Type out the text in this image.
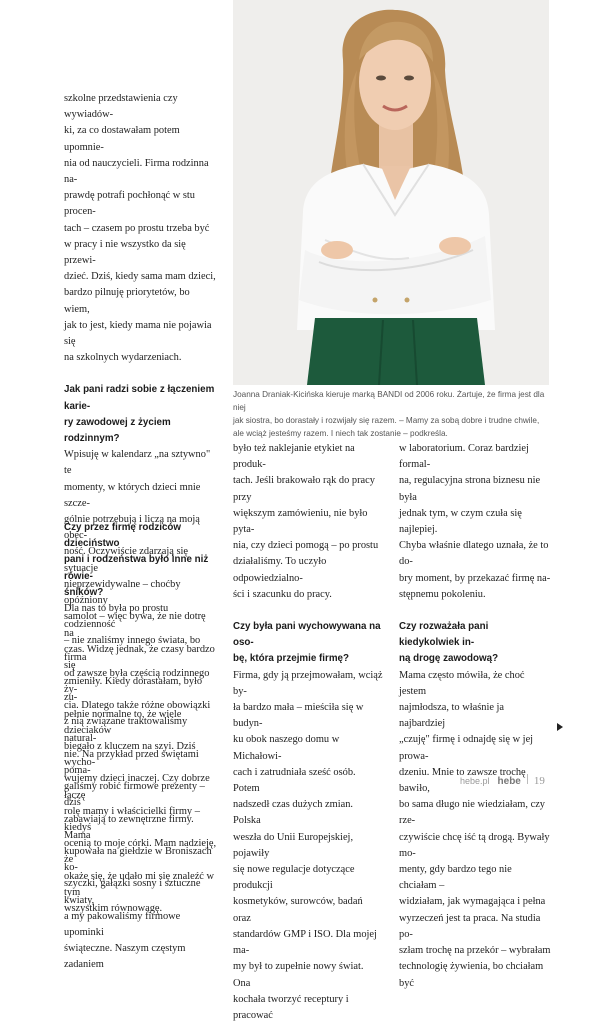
Joanna Draniak-Kicińska kieruje marką BANDI od 2006 roku. Żartuje, że firma jest dla niej

jak siostra, bo dorastały i rozwijały się razem. – Mamy za sobą dobre i trudne chwile,

ale wciąż jesteśmy razem. I niech tak zostanie – podkreśla.

szkolne przedstawienia czy wywiadów-

ki, za co dostawałam potem upomnie-

nia od nauczycieli. Firma rodzinna na-

prawdę potrafi pochłonąć w stu procen-

tach – czasem po prostu trzeba być

w pracy i nie wszystko da się przewi-

dzieć. Dziś, kiedy sama mam dzieci,

bardzo pilnuję priorytetów, bo wiem,

jak to jest, kiedy mama nie pojawia się

na szkolnych wydarzeniach.

Jak pani radzi sobie z łączeniem karie-

ry zawodowej z życiem rodzinnym?

Wpisuję w kalendarz „na sztywno" te

momenty, w których dzieci mnie szcze-

gólnie potrzebują i liczą na moją obec-

ność. Oczywiście zdarzają się sytuacje

nieprzewidywalne – choćby opóźniony

samolot – więc bywa, że nie dotrę na

czas. Widzę jednak, że czasy bardzo się

zmieniły. Kiedy dorastałam, było zu-

pełnie normalne to, że wiele dzieciaków

biegało z kluczem na szyi. Dziś wycho-

wujemy dzieci inaczej. Czy dobrze łączę

rolę mamy i właścicielki firmy – kiedyś

ocenią to moje córki. Mam nadzieję, że

okaże się, że udało mi się znaleźć w tym

wszystkim równowagę.

Czy przez firmę rodziców dzieciństwo

pani i rodzeństwa było inne niż rówie-

śników?

Dla nas to była po prostu codzienność

– nie znaliśmy innego świata, bo firma

od zawsze była częścią rodzinnego ży-

cia. Dlatego także różne obowiązki

z nią związane traktowaliśmy natural-

nie. Na przykład przed świętami poma-

galiśmy robić firmowe prezenty – dziś

zabawiają to zewnętrzne firmy. Mama

kupowała na giełdzie w Broniszach ko-

szyczki, gałązki sosny i sztuczne kwiaty,

a my pakowaliśmy firmowe upominki

świąteczne. Naszym częstym zadaniem

było też naklejanie etykiet na produk-

tach. Jeśli brakowało rąk do pracy przy

większym zamówieniu, nie było pyta-

nia, czy dzieci pomogą – po prostu

działaliśmy. To uczyło odpowiedzialno-

ści i szacunku do pracy.

Czy była pani wychowywana na oso-

bę, która przejmie firmę?

Firma, gdy ją przejmowałam, wciąż by-

ła bardzo mała – mieściła się w budyn-

ku obok naszego domu w Michałowi-

cach i zatrudniała sześć osób. Potem

nadszedł czas dużych zmian. Polska

weszła do Unii Europejskiej, pojawiły

się nowe regulacje dotyczące produkcji

kosmetyków, surowców, badań oraz

standardów GMP i ISO. Dla mojej ma-

my był to zupełnie nowy świat. Ona

kochała tworzyć receptury i pracować

w laboratorium. Coraz bardziej formal-

na, regulacyjna strona biznesu nie była

jednak tym, w czym czuła się najlepiej.

Chyba właśnie dlatego uznała, że to do-

bry moment, by przekazać firmę na-

stępnemu pokoleniu.

Czy rozważała pani kiedykolwiek in-

ną drogę zawodową?

Mama często mówiła, że choć jestem

najmłodsza, to właśnie ja najbardziej

„czuję" firmę i odnajdę się w jej prowa-

dzeniu. Mnie to zawsze trochę bawiło,

bo sama długo nie wiedziałam, czy rze-

czywiście chcę iść tą drogą. Bywały mo-

menty, gdy bardzo tego nie chciałam –

widziałam, jak wymagająca i pełna

wyrzeczeń jest ta praca. Na studia po-

szłam trochę na przekór – wybrałam

technologię żywienia, bo chciałam być

hebe.pl hebe 19
